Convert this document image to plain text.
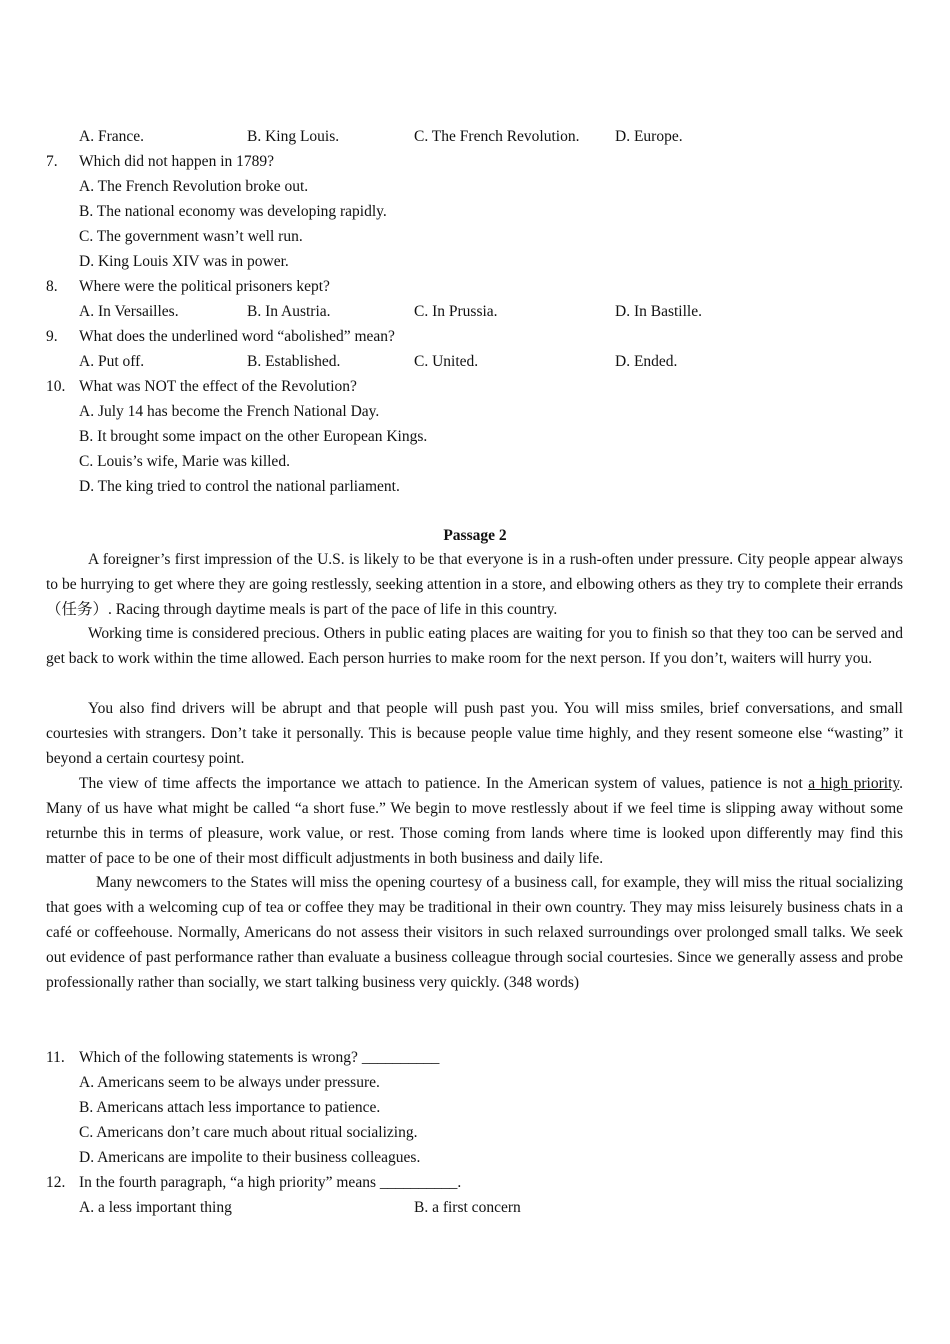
A. France.	B. King Louis.	C. The French Revolution. D. Europe.
7. Which did not happen in 1789?
A. The French Revolution broke out.
B. The national economy was developing rapidly.
C. The government wasn’t well run.
D. King Louis XIV was in power.
8. Where were the political prisoners kept?
A. In Versailles.	B. In Austria.	C. In Prussia.	D. In Bastille.
9. What does the underlined word “abolished” mean?
A. Put off.	B. Established.	C. United.	D. Ended.
10. What was NOT the effect of the Revolution?
A. July 14 has become the French National Day.
B. It brought some impact on the other European Kings.
C. Louis’s wife, Marie was killed.
D. The king tried to control the national parliament.
Passage 2
A foreigner’s first impression of the U.S. is likely to be that everyone is in a rush-often under pressure. City people appear always to be hurrying to get where they are going restlessly, seeking attention in a store, and elbowing others as they try to complete their errands （任务）. Racing through daytime meals is part of the pace of life in this country.
Working time is considered precious. Others in public eating places are waiting for you to finish so that they too can be served and get back to work within the time allowed. Each person hurries to make room for the next person. If you don’t, waiters will hurry you.
You also find drivers will be abrupt and that people will push past you. You will miss smiles, brief conversations, and small courtesies with strangers. Don’t take it personally. This is because people value time highly, and they resent someone else “wasting” it beyond a certain courtesy point.
The view of time affects the importance we attach to patience. In the American system of values, patience is not a high priority. Many of us have what might be called “a short fuse.” We begin to move restlessly about if we feel time is slipping away without some returnbe this in terms of pleasure, work value, or rest. Those coming from lands where time is looked upon differently may find this matter of pace to be one of their most difficult adjustments in both business and daily life.
Many newcomers to the States will miss the opening courtesy of a business call, for example, they will miss the ritual socializing that goes with a welcoming cup of tea or coffee they may be traditional in their own country. They may miss leisurely business chats in a café or coffeehouse. Normally, Americans do not assess their visitors in such relaxed surroundings over prolonged small talks. We seek out evidence of past performance rather than evaluate a business colleague through social courtesies. Since we generally assess and probe professionally rather than socially, we start talking business very quickly. (348 words)
11. Which of the following statements is wrong? __________
A. Americans seem to be always under pressure.
B. Americans attach less importance to patience.
C. Americans don’t care much about ritual socializing.
D. Americans are impolite to their business colleagues.
12. In the fourth paragraph, “a high priority” means __________.
A. a less important thing	B. a first concern
